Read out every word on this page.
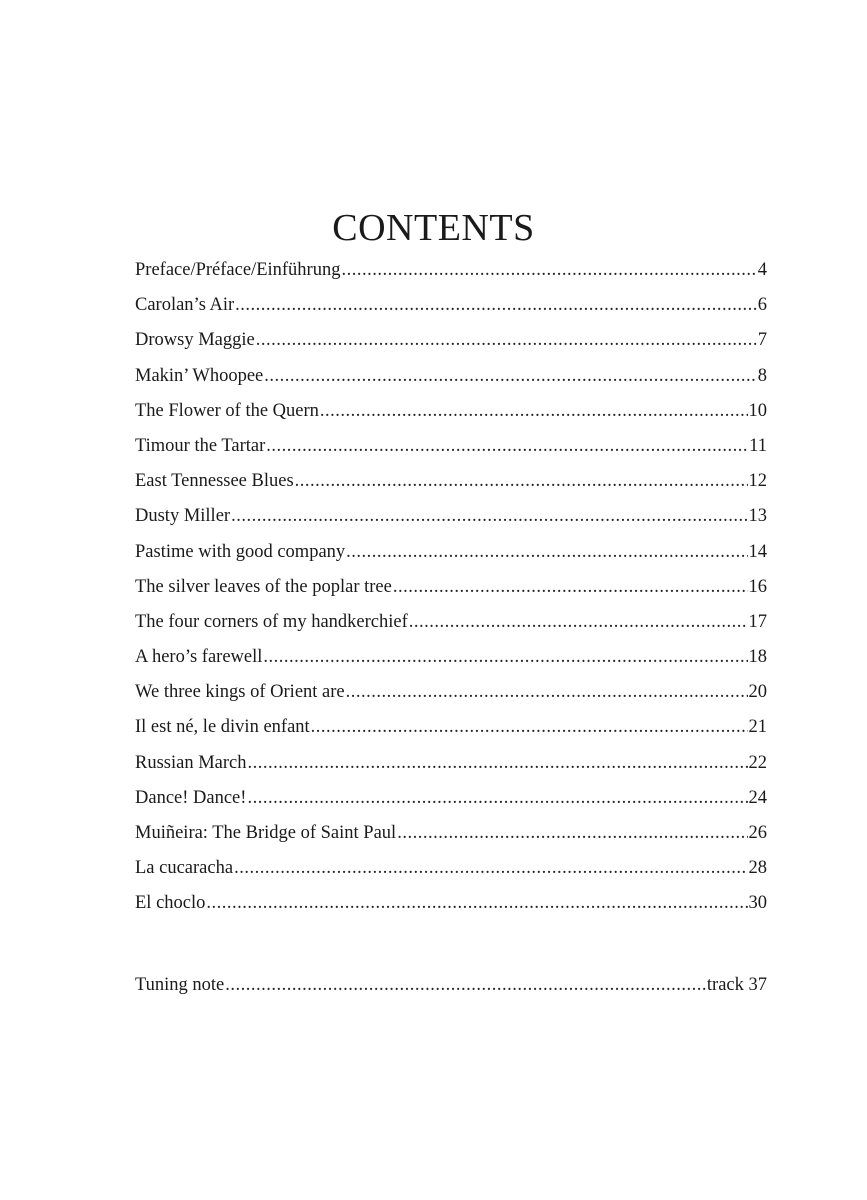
CONTENTS
Preface/Préface/Einführung .....	4
Carolan’s Air .....	6
Drowsy Maggie .....	7
Makin’ Whoopee .....	8
The Flower of the Quern .....	10
Timour the Tartar .....	11
East Tennessee Blues .....	12
Dusty Miller .....	13
Pastime with good company .....	14
The silver leaves of the poplar tree .....	16
The four corners of my handkerchief .....	17
A hero’s farewell .....	18
We three kings of Orient are .....	20
Il est né, le divin enfant .....	21
Russian March .....	22
Dance! Dance! .....	24
Muiñeira: The Bridge of Saint Paul .....	26
La cucaracha .....	28
El choclo .....	30
Tuning note .....	track 37
